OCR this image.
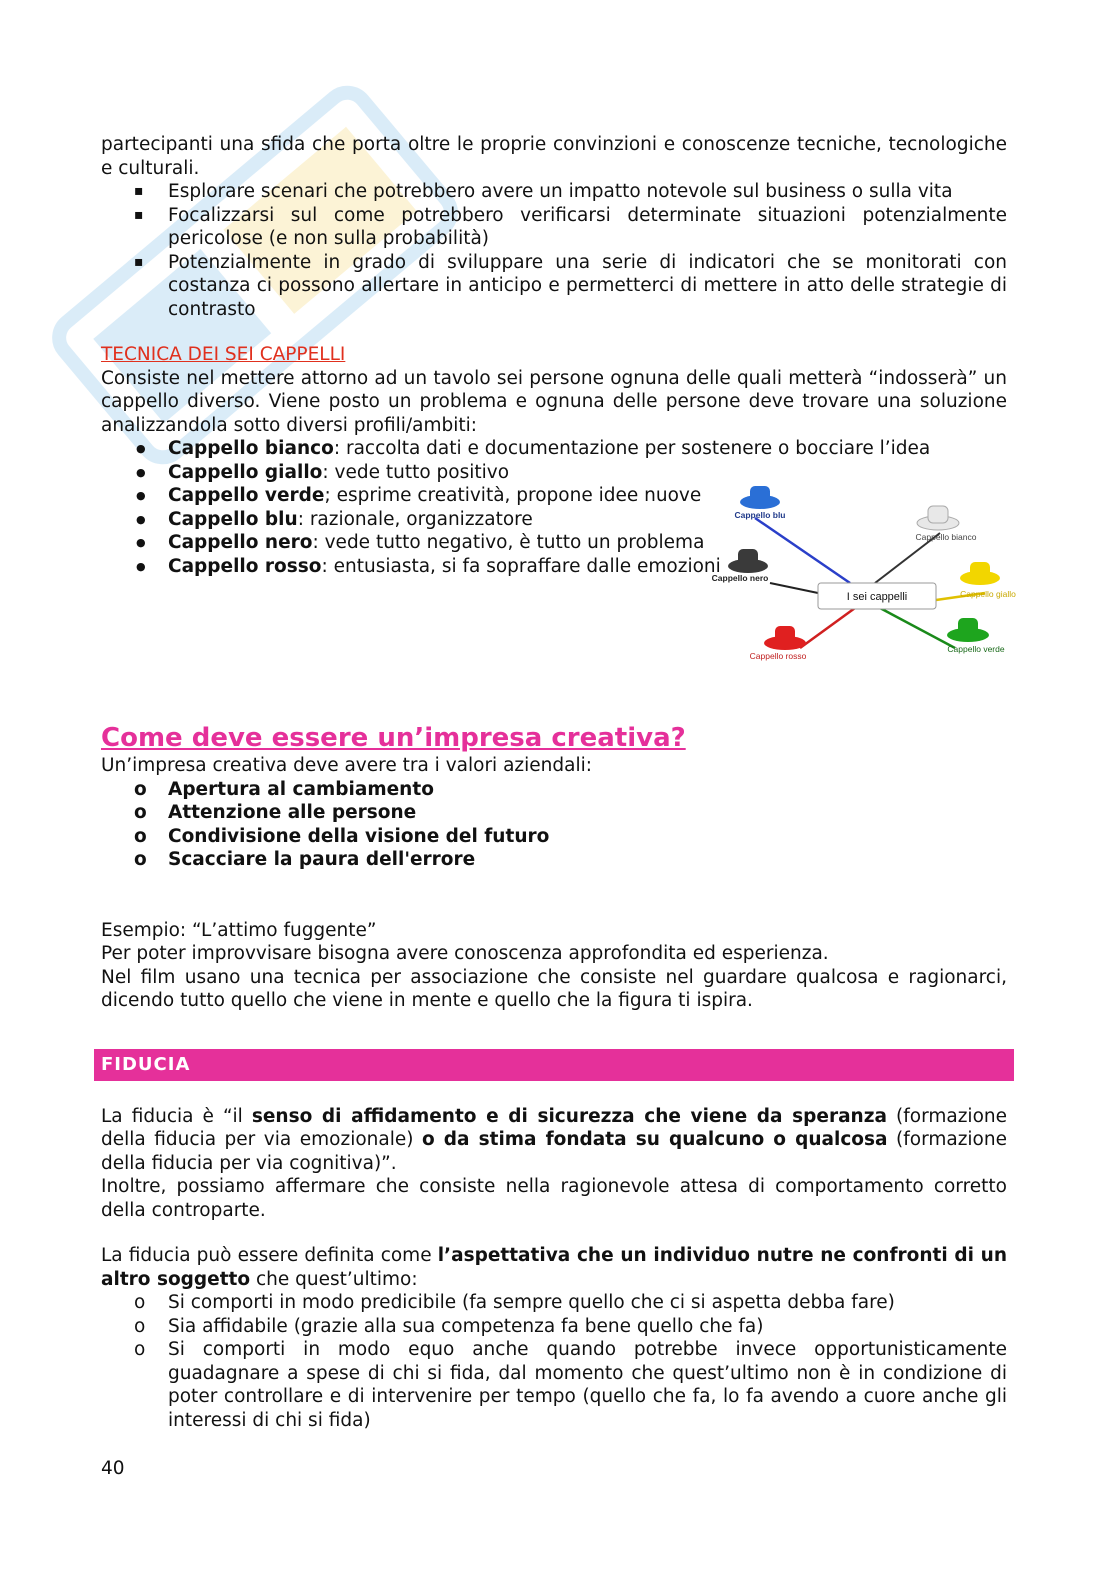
partecipanti una sfida che porta oltre le proprie convinzioni e conoscenze tecniche, tecnologiche e culturali.

▪ Esplorare scenari che potrebbero avere un impatto notevole sul business o sulla vita
▪ Focalizzarsi sul come potrebbero verificarsi determinate situazioni potenzialmente pericolose (e non sulla probabilità)
▪ Potenzialmente in grado di sviluppare una serie di indicatori che se monitorati con costanza ci possono allertare in anticipo e permetterci di mettere in atto delle strategie di contrasto

TECNICA DEI SEI CAPPELLI

Consiste nel mettere attorno ad un tavolo sei persone ognuna delle quali metterà “indosserà” un cappello diverso. Viene posto un problema e ognuna delle persone deve trovare una soluzione analizzandola sotto diversi profili/ambiti:

● Cappello bianco: raccolta dati e documentazione per sostenere o bocciare l’idea
● Cappello giallo: vede tutto positivo
● Cappello verde; esprime creatività, propone idee nuove
● Cappello blu: razionale, organizzatore
● Cappello nero: vede tutto negativo, è tutto un problema
● Cappello rosso: entusiasta, si fa sopraffare dalle emozioni

Come deve essere un’impresa creativa?

Un’impresa creativa deve avere tra i valori aziendali:

o Apertura al cambiamento
o Attenzione alle persone
o Condivisione della visione del futuro
o Scacciare la paura dell'errore

Esempio: “L’attimo fuggente”

Per poter improvvisare bisogna avere conoscenza approfondita ed esperienza.

Nel film usano una tecnica per associazione che consiste nel guardare qualcosa e ragionarci, dicendo tutto quello che viene in mente e quello che la figura ti ispira.

La fiducia è “il senso di affidamento e di sicurezza che viene da speranza (formazione della fiducia per via emozionale) o da stima fondata su qualcuno o qualcosa (formazione della fiducia per via cognitiva)”.

Inoltre, possiamo affermare che consiste nella ragionevole attesa di comportamento corretto della controparte.

La fiducia può essere definita come l’aspettativa che un individuo nutre ne confronti di un altro soggetto che quest’ultimo:

o Si comporti in modo predicibile (fa sempre quello che ci si aspetta debba fare)
o Sia affidabile (grazie alla sua competenza fa bene quello che fa)
o Si comporti in modo equo anche quando potrebbe invece opportunisticamente guadagnare a spese di chi si fida, dal momento che quest’ultimo non è in condizione di poter controllare e di intervenire per tempo (quello che fa, lo fa avendo a cuore anche gli interessi di chi si fida)
I sei cappelli
Cappello blu
Cappello bianco
Cappello nero
Cappello giallo
Cappello rosso
Cappello verde
FIDUCIA
40
